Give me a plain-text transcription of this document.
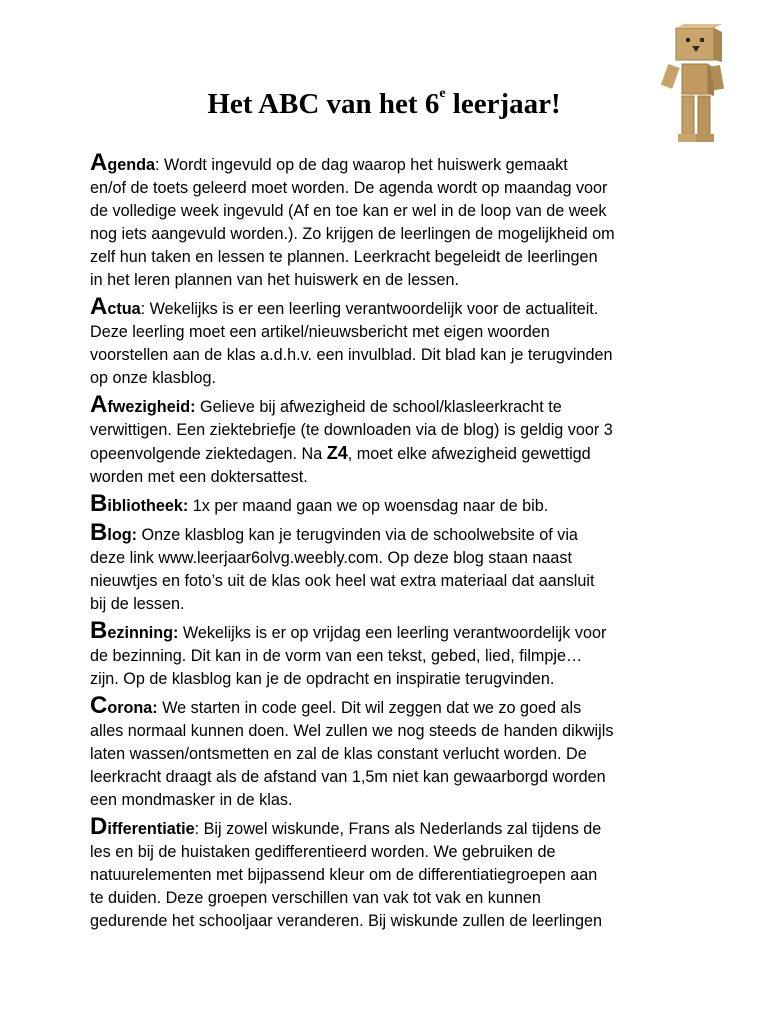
Het ABC van het 6e leerjaar!
Agenda: Wordt ingevuld op de dag waarop het huiswerk gemaakt
en/of de toets geleerd moet worden. De agenda wordt op maandag voor
de volledige week ingevuld (Af en toe kan er wel in de loop van de week
nog iets aangevuld worden.). Zo krijgen de leerlingen de mogelijkheid om
zelf hun taken en lessen te plannen. Leerkracht begeleidt de leerlingen
in het leren plannen van het huiswerk en de lessen.
Actua: Wekelijks is er een leerling verantwoordelijk voor de actualiteit.
Deze leerling moet een artikel/nieuwsbericht met eigen woorden
voorstellen aan de klas a.d.h.v. een invulblad. Dit blad kan je terugvinden
op onze klasblog.
Afwezigheid: Gelieve bij afwezigheid de school/klasleerkracht te
verwittigen. Een ziektebriefje (te downloaden via de blog) is geldig voor 3
opeenvolgende ziektedagen. Na Z4, moet elke afwezigheid gewettigd
worden met een doktersattest.
Bibliotheek: 1x per maand gaan we op woensdag naar de bib.
Blog: Onze klasblog kan je terugvinden via de schoolwebsite of via
deze link www.leerjaar6olvg.weebly.com. Op deze blog staan naast
nieuwtjes en foto’s uit de klas ook heel wat extra materiaal dat aansluit
bij de lessen.
Bezinning: Wekelijks is er op vrijdag een leerling verantwoordelijk voor
de bezinning. Dit kan in de vorm van een tekst, gebed, lied, filmpje…
zijn. Op de klasblog kan je de opdracht en inspiratie terugvinden.
Corona: We starten in code geel. Dit wil zeggen dat we zo goed als
alles normaal kunnen doen. Wel zullen we nog steeds de handen dikwijls
laten wassen/ontsmetten en zal de klas constant verlucht worden. De
leerkracht draagt als de afstand van 1,5m niet kan gewaarborgd worden
een mondmasker in de klas.
Differentiatie: Bij zowel wiskunde, Frans als Nederlands zal tijdens de
les en bij de huistaken gedifferentieerd worden. We gebruiken de
natuurelementen met bijpassend kleur om de differentiatiegroepen aan
te duiden. Deze groepen verschillen van vak tot vak en kunnen
gedurende het schooljaar veranderen. Bij wiskunde zullen de leerlingen
